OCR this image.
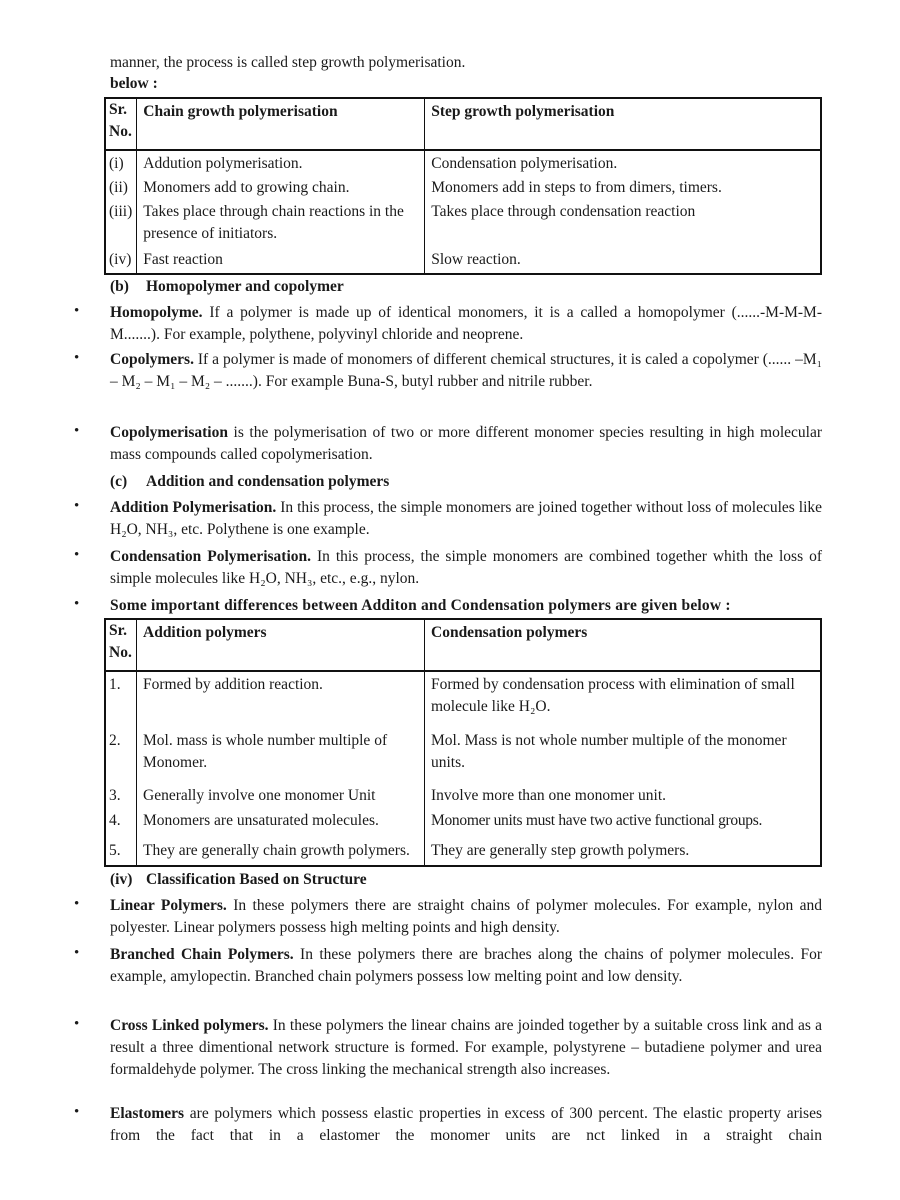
manner, the process is called step growth polymerisation.
below :
Sr. No.	Chain growth polymerisation	Step growth polymerisation
(i)	Addution polymerisation.	Condensation polymerisation.
(ii)	Monomers add to growing chain.	Monomers add in steps to from dimers, timers.
(iii)	Takes place through chain reactions in the presence of initiators.	Takes place through condensation reaction
(iv)	Fast reaction	Slow reaction.
(b) Homopolymer and copolymer
• Homopolyme. If a polymer is made up of identical monomers, it is a called a homopolymer (......-M-M-M-M.......). For example, polythene, polyvinyl chloride and neoprene.
• Copolymers. If a polymer is made of monomers of different chemical structures, it is caled a copolymer (...... –M₁ – M₂ – M₁ – M₂ – .......). For example Buna-S, butyl rubber and nitrile rubber.
• Copolymerisation is the polymerisation of two or more different monomer species resulting in high molecular mass compounds called copolymerisation.
(c) Addition and condensation polymers
• Addition Polymerisation. In this process, the simple monomers are joined together without loss of molecules like H₂O, NH₃, etc. Polythene is one example.
• Condensation Polymerisation. In this process, the simple monomers are combined together whith the loss of simple molecules like H₂O, NH₃, etc., e.g., nylon.
• Some important differences between Additon and Condensation polymers are given below :
Sr. No.	Addition polymers	Condensation polymers
1.	Formed by addition reaction.	Formed by condensation process with elimination of small molecule like H₂O.
2.	Mol. mass is whole number multiple of Monomer.	Mol. Mass is not whole number multiple of the monomer units.
3.	Generally involve one monomer Unit	Involve more than one monomer unit.
4.	Monomers are unsaturated molecules.	Monomer units must have two active functional groups.
5.	They are generally chain growth polymers.	They are generally step growth polymers.
(iv) Classification Based on Structure
• Linear Polymers. In these polymers there are straight chains of polymer molecules. For example, nylon and polyester. Linear polymers possess high melting points and high density.
• Branched Chain Polymers. In these polymers there are braches along the chains of polymer molecules. For example, amylopectin. Branched chain polymers possess low melting point and low density.
• Cross Linked polymers. In these polymers the linear chains are joinded together by a suitable cross link and as a result a three dimentional network structure is formed. For example, polystyrene – butadiene polymer and urea formaldehyde polymer. The cross linking the mechanical strength also increases.
• Elastomers are polymers which possess elastic properties in excess of 300 percent. The elastic property arises from the fact that in a elastomer the monomer units are nct linked in a straight chain
